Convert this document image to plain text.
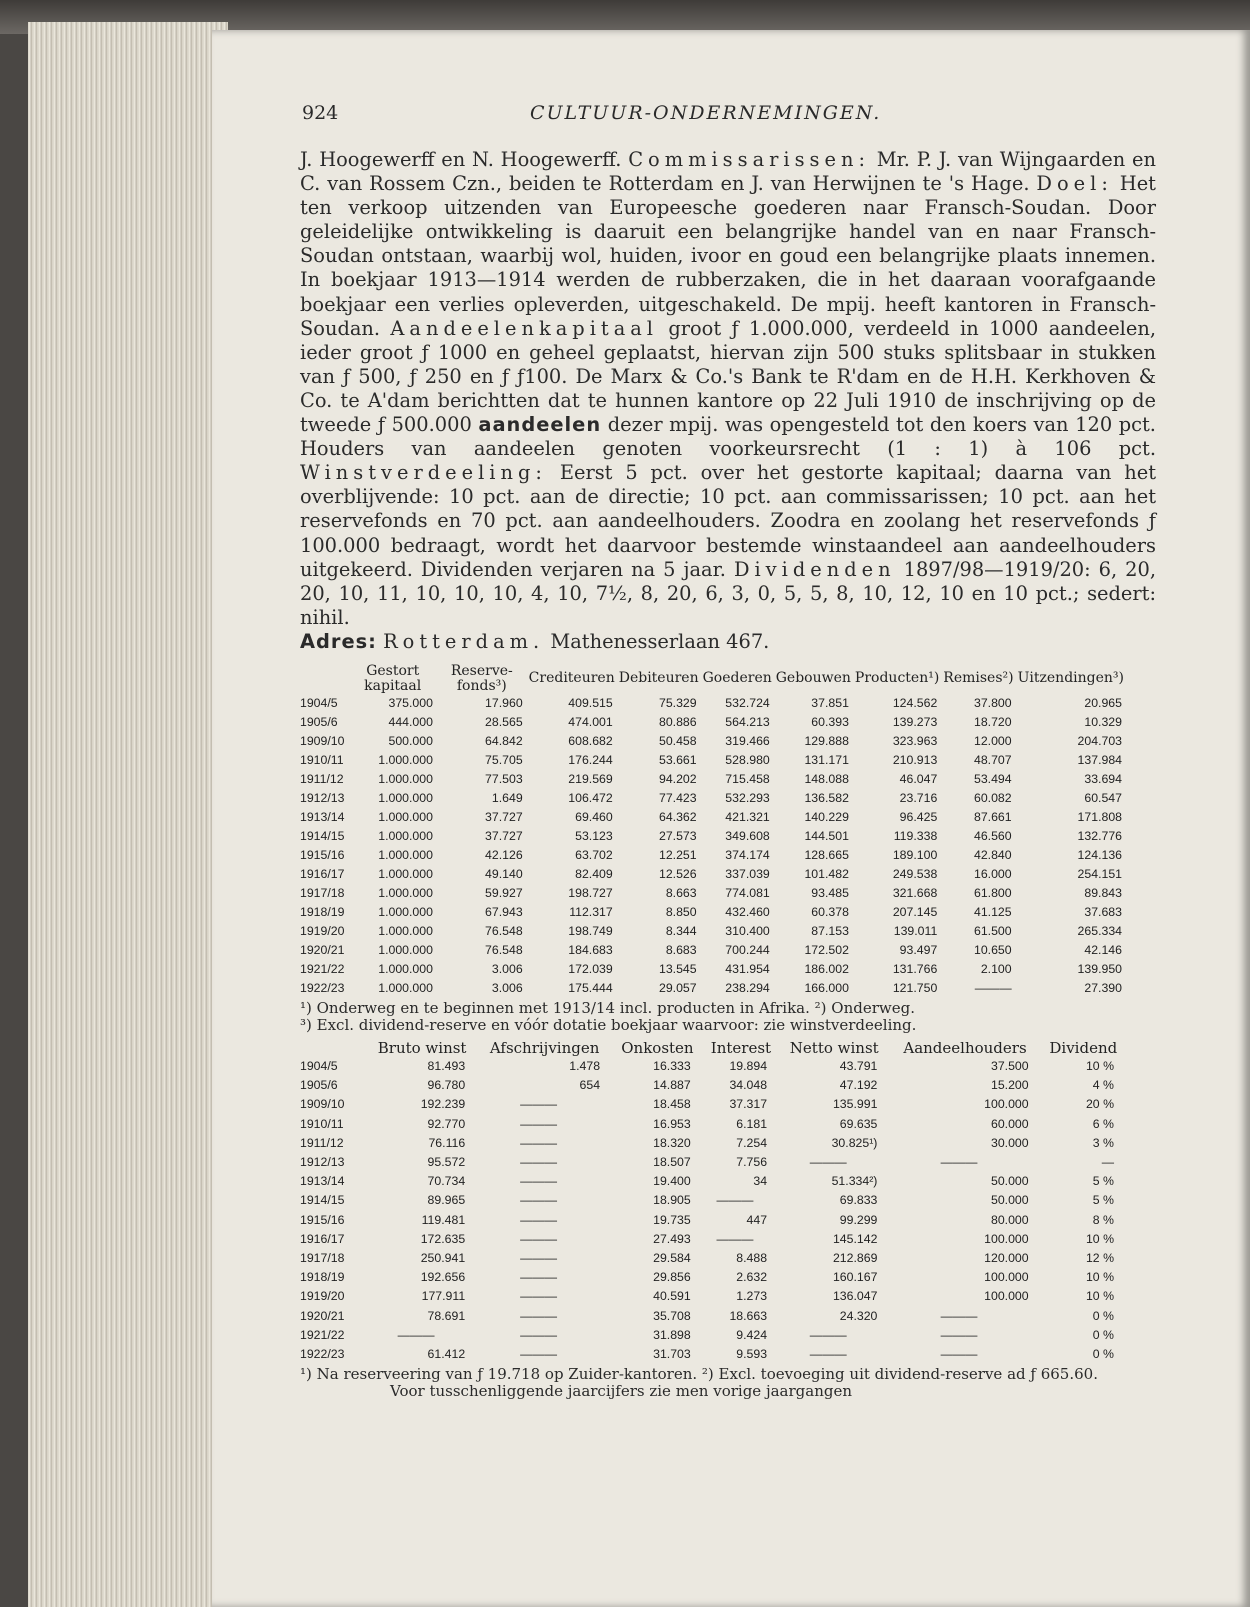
924	CULTUUR-ONDERNEMINGEN.

J. Hoogewerff en N. Hoogewerff. Commissarissen: Mr. P. J. van Wijngaarden en C. van Rossem Czn., beiden te Rotterdam en J. van Herwijnen te 's Hage. Doel: Het ten verkoop uitzenden van Europeesche goederen naar Fransch-Soudan. Door geleidelijke ontwikkeling is daaruit een belangrijke handel van en naar Fransch-Soudan ontstaan, waarbij wol, huiden, ivoor en goud een belangrijke plaats innemen. In boekjaar 1913—1914 werden de rubberzaken, die in het daaraan voorafgaande boekjaar een verlies opleverden, uitgeschakeld. De mpij. heeft kantoren in Fransch-Soudan. Aandeelenkapitaal groot ƒ 1.000.000, verdeeld in 1000 aandeelen, ieder groot ƒ 1000 en geheel geplaatst, hiervan zijn 500 stuks splitsbaar in stukken van ƒ 500, ƒ 250 en ƒ ƒ100. De Marx & Co.'s Bank te R'dam en de H.H. Kerkhoven & Co. te A'dam berichtten dat te hunnen kantore op 22 Juli 1910 de inschrijving op de tweede ƒ 500.000 aandeelen dezer mpij. was opengesteld tot den koers van 120 pct. Houders van aandeelen genoten voorkeursrecht (1 : 1) à 106 pct. Winstverdeeling: Eerst 5 pct. over het gestorte kapitaal; daarna van het overblijvende: 10 pct. aan de directie; 10 pct. aan commissarissen; 10 pct. aan het reservefonds en 70 pct. aan aandeelhouders. Zoodra en zoolang het reservefonds ƒ 100.000 bedraagt, wordt het daarvoor bestemde winstaandeel aan aandeelhouders uitgekeerd. Dividenden verjaren na 5 jaar. Dividenden 1897/98—1919/20: 6, 20, 20, 10, 11, 10, 10, 10, 4, 10, 7½, 8, 20, 6, 3, 0, 5, 5, 8, 10, 12, 10 en 10 pct.; sedert: nihil.

Adres: Rotterdam. Mathenesserlaan 467.

	Gestort kapitaal	Reserve-fonds³)	Crediteuren	Debiteuren	Goederen	Gebouwen	Producten¹)	Remises²)	Uitzendingen³)
1904/5	375.000	17.960	409.515	75.329	532.724	37.851	124.562	37.800	20.965
1905/6	444.000	28.565	474.001	80.886	564.213	60.393	139.273	18.720	10.329
1909/10	500.000	64.842	608.682	50.458	319.466	129.888	323.963	12.000	204.703
1910/11	1.000.000	75.705	176.244	53.661	528.980	131.171	210.913	48.707	137.984
1911/12	1.000.000	77.503	219.569	94.202	715.458	148.088	46.047	53.494	33.694
1912/13	1.000.000	1.649	106.472	77.423	532.293	136.582	23.716	60.082	60.547
1913/14	1.000.000	37.727	69.460	64.362	421.321	140.229	96.425	87.661	171.808
1914/15	1.000.000	37.727	53.123	27.573	349.608	144.501	119.338	46.560	132.776
1915/16	1.000.000	42.126	63.702	12.251	374.174	128.665	189.100	42.840	124.136
1916/17	1.000.000	49.140	82.409	12.526	337.039	101.482	249.538	16.000	254.151
1917/18	1.000.000	59.927	198.727	8.663	774.081	93.485	321.668	61.800	89.843
1918/19	1.000.000	67.943	112.317	8.850	432.460	60.378	207.145	41.125	37.683
1919/20	1.000.000	76.548	198.749	8.344	310.400	87.153	139.011	61.500	265.334
1920/21	1.000.000	76.548	184.683	8.683	700.244	172.502	93.497	10.650	42.146
1921/22	1.000.000	3.006	172.039	13.545	431.954	186.002	131.766	2.100	139.950
1922/23	1.000.000	3.006	175.444	29.057	238.294	166.000	121.750	———	27.390
¹) Onderweg en te beginnen met 1913/14 incl. producten in Afrika. ²) Onderweg.
³) Excl. dividend-reserve en vóór dotatie boekjaar waarvoor: zie winstverdeeling.
	Bruto winst	Afschrijvingen	Onkosten	Interest	Netto winst	Aandeelhouders	Dividend
1904/5	81.493	1.478	16.333	19.894	43.791	37.500	10 %
1905/6	96.780	654	14.887	34.048	47.192	15.200	4 %
1909/10	192.239	———	18.458	37.317	135.991	100.000	20 %
1910/11	92.770	———	16.953	6.181	69.635	60.000	6 %
1911/12	76.116	———	18.320	7.254	30.825¹)	30.000	3 %
1912/13	95.572	———	18.507	7.756	———	———	—
1913/14	70.734	———	19.400	34	51.334²)	50.000	5 %
1914/15	89.965	———	18.905	———	69.833	50.000	5 %
1915/16	119.481	———	19.735	447	99.299	80.000	8 %
1916/17	172.635	———	27.493	———	145.142	100.000	10 %
1917/18	250.941	———	29.584	8.488	212.869	120.000	12 %
1918/19	192.656	———	29.856	2.632	160.167	100.000	10 %
1919/20	177.911	———	40.591	1.273	136.047	100.000	10 %
1920/21	78.691	———	35.708	18.663	24.320	———	0 %
1921/22	———	———	31.898	9.424	———	———	0 %
1922/23	61.412	———	31.703	9.593	———	———	0 %
¹) Na reserveering van ƒ 19.718 op Zuider-kantoren. ²) Excl. toevoeging uit dividend-reserve ad ƒ 665.60.
Voor tusschenliggende jaarcijfers zie men vorige jaargangen
